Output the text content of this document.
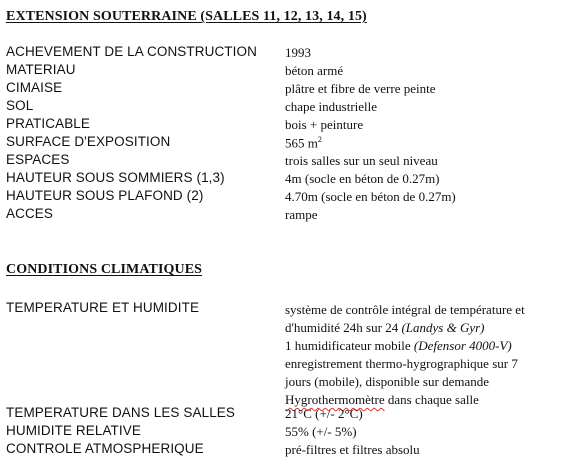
EXTENSION SOUTERRAINE (SALLES 11, 12, 13, 14, 15)
ACHEVEMENT DE LA CONSTRUCTION 1993
MATERIAU	béton armé
CIMAISE	plâtre et fibre de verre peinte
SOL	chape industrielle
PRATICABLE	bois + peinture
SURFACE D'EXPOSITION	565 $m^2$
ESPACES	trois salles sur un seul niveau
HAUTEUR SOUS SOMMIERS (1,3)	4m (socle en béton de 0.27m)
HAUTEUR SOUS PLAFOND (2)	4.70m (socle en béton de 0.27m)
ACCES	rampe
CONDITIONS CLIMATIQUES
TEMPERATURE ET HUMIDITE	système de contrôle intégral de température et
d'humidité 24h sur 24 (Landys & Gyr)
1 humidificateur mobile (Defensor 4000-V)
enregistrement thermo-hygrographique sur 7
jours (mobile), disponible sur demande
Hygrothermomètre dans chaque salle
TEMPERATURE DANS LES SALLES	21°C (+/- 2°C)
HUMIDITE RELATIVE	55% (+/- 5%)
CONTROLE ATMOSPHERIQUE	pré-filtres et filtres absolu
